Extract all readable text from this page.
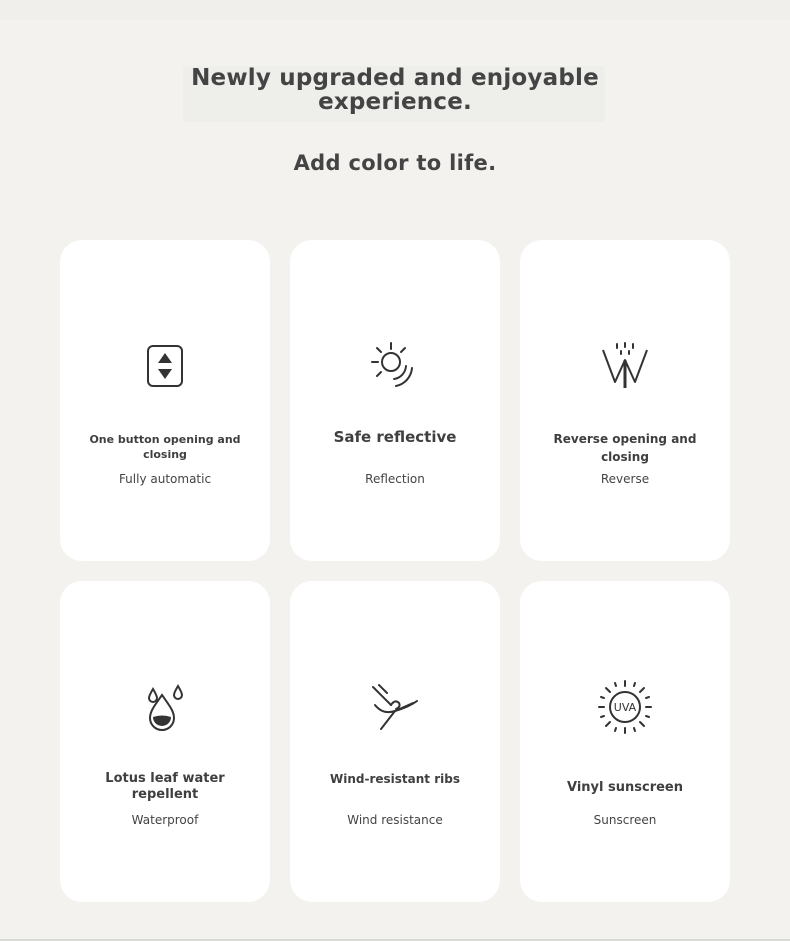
Newly upgraded and enjoyable experience.
Add color to life.
One button opening and closing
Fully automatic
Safe reflective
Reflection
Reverse opening and closing
Reverse
Lotus leaf water repellent
Waterproof
Wind-resistant ribs
Wind resistance
UVA
Vinyl sunscreen
Sunscreen
